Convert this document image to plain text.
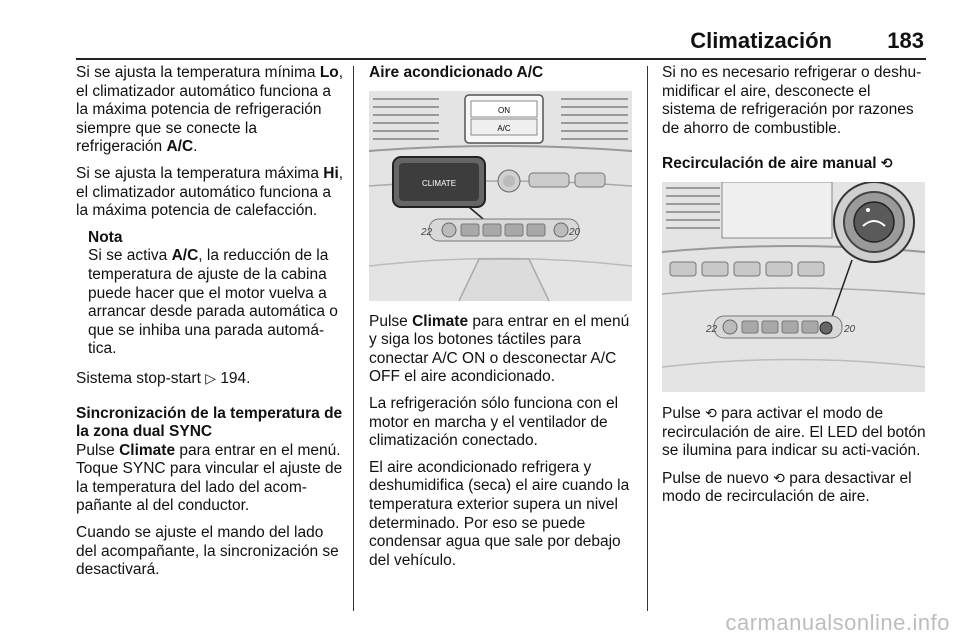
Climatización	183

Si se ajusta la temperatura mínima Lo, el climatizador automático funciona a la máxima potencia de refrigeración siempre que se conecte la refrigeración A/C.

Si se ajusta la temperatura máxima Hi, el climatizador automático funciona a la máxima potencia de calefacción.

Nota
Si se activa A/C, la reducción de la temperatura de ajuste de la cabina puede hacer que el motor vuelva a arrancar desde parada automática o que se inhiba una parada automá-tica.

Sistema stop-start ▷ 194.

Sincronización de la temperatura de la zona dual SYNC

Pulse Climate para entrar en el menú. Toque SYNC para vincular el ajuste de la temperatura del lado del acom-pañante al del conductor.

Cuando se ajuste el mando del lado del acompañante, la sincronización se desactivará.

Aire acondicionado A/C
ON
A/C
CLIMATE
22	20

Pulse Climate para entrar en el menú y siga los botones táctiles para conectar A/C ON o desconectar A/C OFF el aire acondicionado.

La refrigeración sólo funciona con el motor en marcha y el ventilador de climatización conectado.

El aire acondicionado refrigera y deshumidifica (seca) el aire cuando la temperatura exterior supera un nivel determinado. Por eso se puede condensar agua que sale por debajo del vehículo.

Si no es necesario refrigerar o deshu-midificar el aire, desconecte el sistema de refrigeración por razones de ahorro de combustible.

Recirculación de aire manual ⟲
22	20

Pulse ⟲ para activar el modo de recirculación de aire. El LED del botón se ilumina para indicar su acti-vación.

Pulse de nuevo ⟲ para desactivar el modo de recirculación de aire.

carmanualsonline.info
